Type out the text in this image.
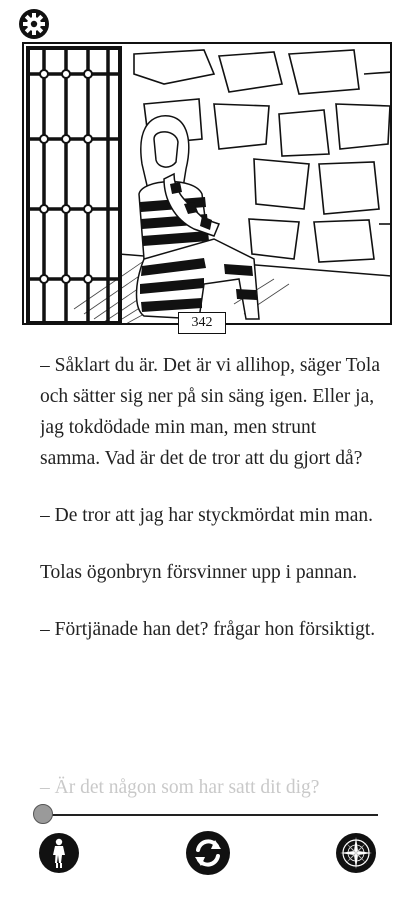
342

– Såklart du är. Det är vi allihop, säger Tola och sätter sig ner på sin säng igen. Eller ja, jag tokdödade min man, men strunt samma. Vad är det de tror att du gjort då?

– De tror att jag har styckmördat min man.

Tolas ögonbryn försvinner upp i pannan.

– Förtjänade han det? frågar hon försiktigt.

– Är det någon som har satt dit dig?
